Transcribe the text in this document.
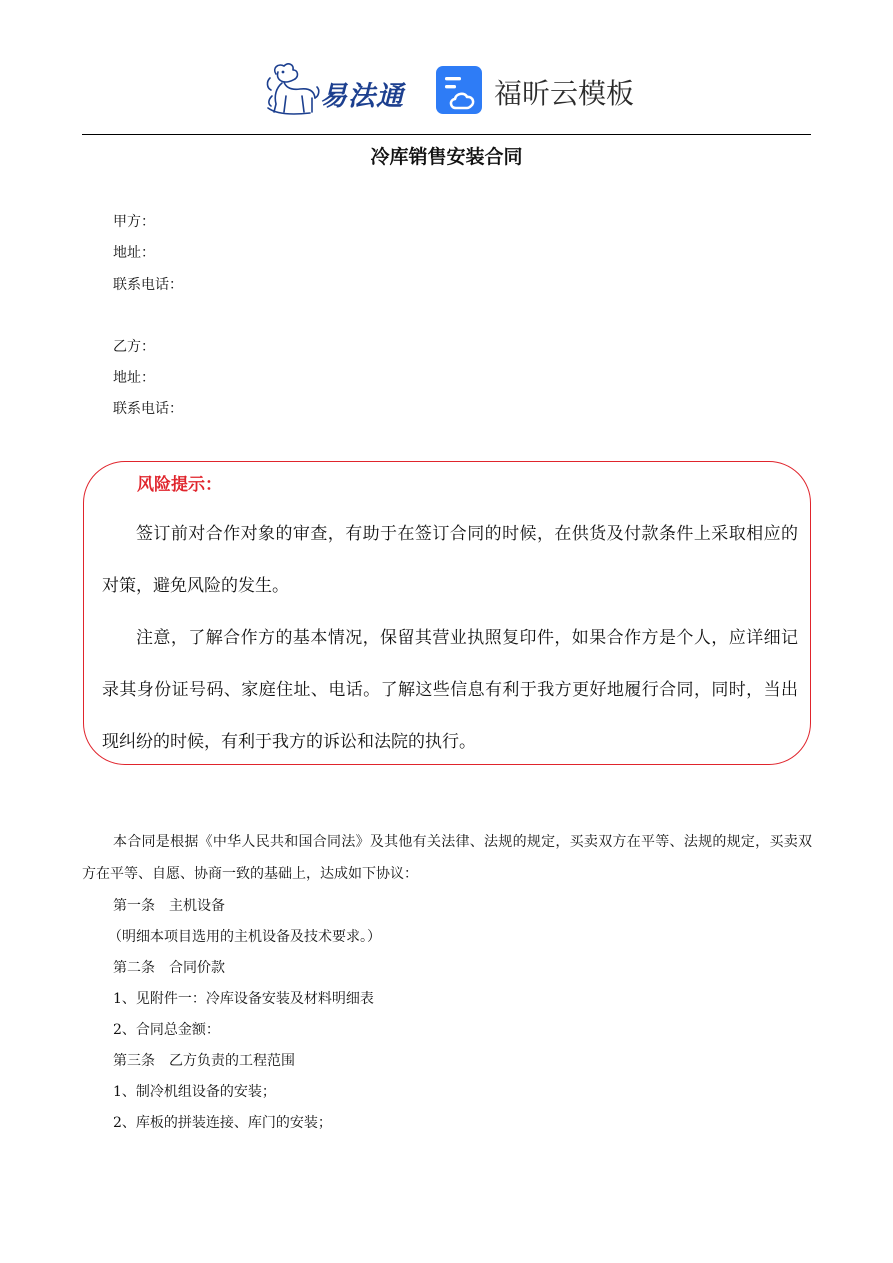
易法通	福昕云模板
冷库销售安装合同
甲方：
地址：
联系电话：
乙方：
地址：
联系电话：
风险提示：
签订前对合作对象的审查，有助于在签订合同的时候，在供货及付款条件上采取相应的对策，避免风险的发生。
注意，了解合作方的基本情况，保留其营业执照复印件，如果合作方是个人，应详细记录其身份证号码、家庭住址、电话。了解这些信息有利于我方更好地履行合同，同时，当出现纠纷的时候，有利于我方的诉讼和法院的执行。
本合同是根据《中华人民共和国合同法》及其他有关法律、法规的规定，买卖双方在平等、法规的规定，买卖双方在平等、自愿、协商一致的基础上，达成如下协议：
第一条　主机设备
（明细本项目选用的主机设备及技术要求。）
第二条　合同价款
1、见附件一：冷库设备安装及材料明细表
2、合同总金额：
第三条　乙方负责的工程范围
1、制冷机组设备的安装；
2、库板的拼装连接、库门的安装；
